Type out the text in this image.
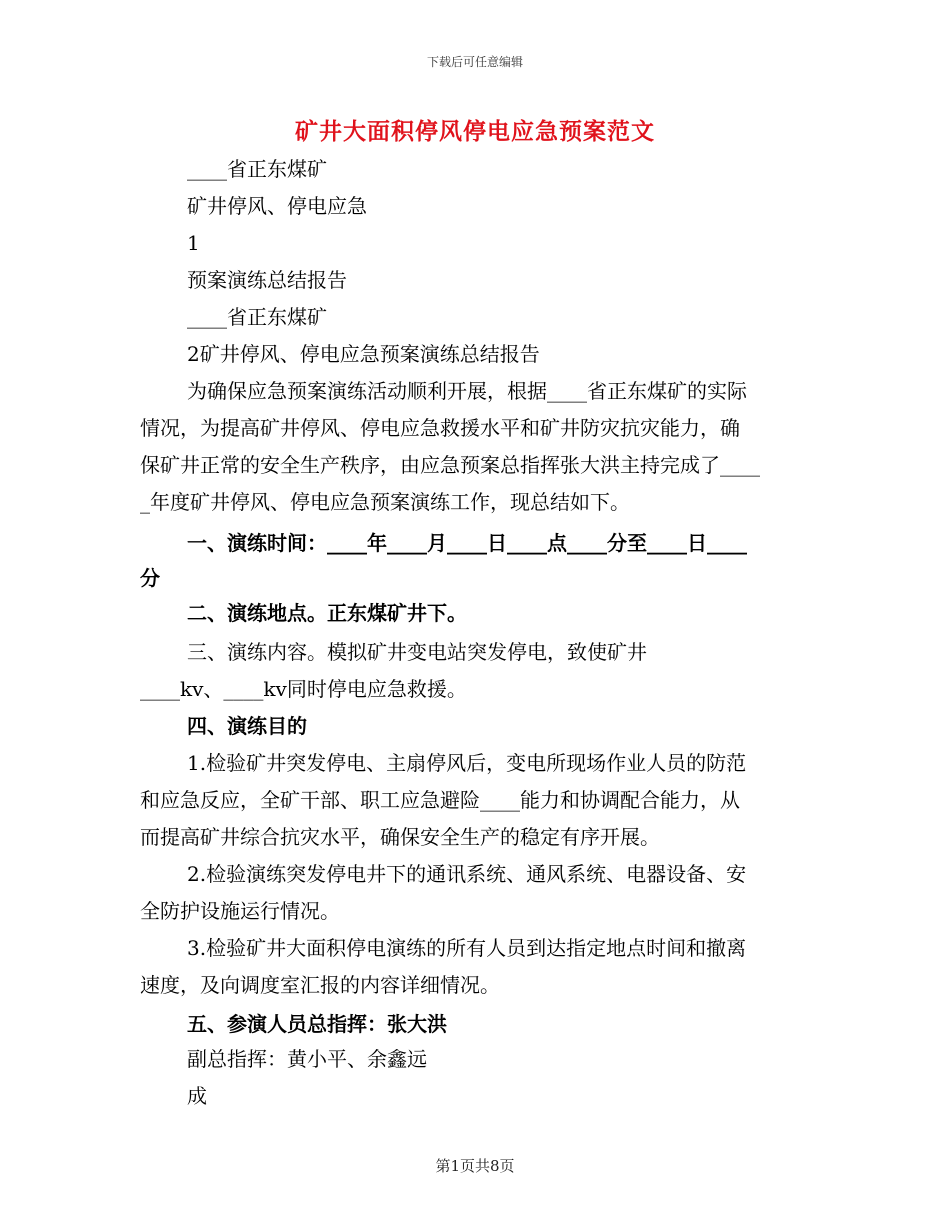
下载后可任意编辑
矿井大面积停风停电应急预案范文
____省正东煤矿
矿井停风、停电应急
1
预案演练总结报告
____省正东煤矿
2矿井停风、停电应急预案演练总结报告
为确保应急预案演练活动顺利开展，根据____省正东煤矿的实际
情况，为提高矿井停风、停电应急救援水平和矿井防灾抗灾能力，确
保矿井正常的安全生产秩序，由应急预案总指挥张大洪主持完成了____
_年度矿井停风、停电应急预案演练工作，现总结如下。
一、演练时间：____年____月____日____点____分至____日____
分
二、演练地点。正东煤矿井下。
三、演练内容。模拟矿井变电站突发停电，致使矿井
____kv、____kv同时停电应急救援。
四、演练目的
1.检验矿井突发停电、主扇停风后，变电所现场作业人员的防范
和应急反应，全矿干部、职工应急避险____能力和协调配合能力，从
而提高矿井综合抗灾水平，确保安全生产的稳定有序开展。
2.检验演练突发停电井下的通讯系统、通风系统、电器设备、安
全防护设施运行情况。
3.检验矿井大面积停电演练的所有人员到达指定地点时间和撤离
速度，及向调度室汇报的内容详细情况。
五、参演人员总指挥：张大洪
副总指挥：黄小平、余鑫远
成
第1页共8页
